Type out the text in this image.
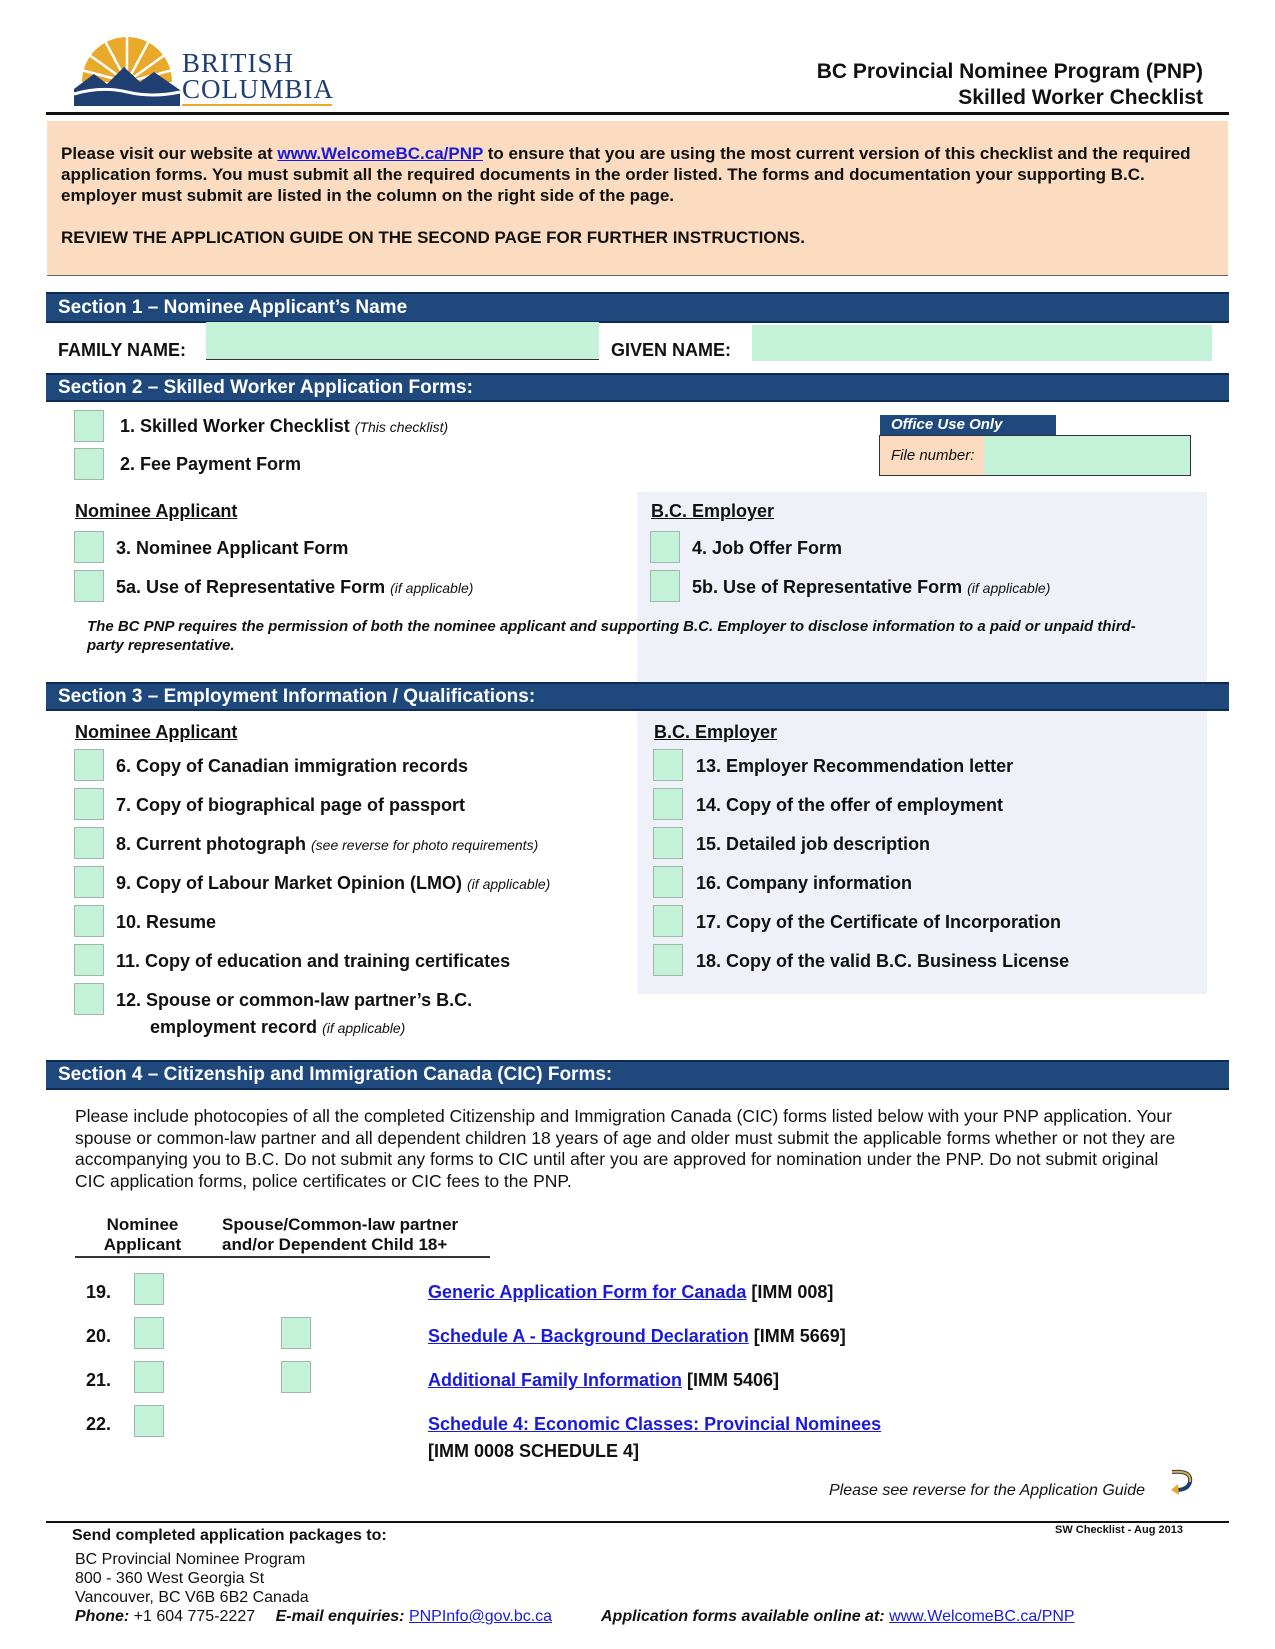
BRITISH
COLUMBIA
BC Provincial Nominee Program (PNP)
Skilled Worker Checklist
Please visit our website at www.WelcomeBC.ca/PNP to ensure that you are using the most current version of this checklist and the required application forms. You must submit all the required documents in the order listed. The forms and documentation your supporting B.C. employer must submit are listed in the column on the right side of the page.
REVIEW THE APPLICATION GUIDE ON THE SECOND PAGE FOR FURTHER INSTRUCTIONS.
Section 1 – Nominee Applicant’s Name
FAMILY NAME:	GIVEN NAME:
Section 2 – Skilled Worker Application Forms:
1. Skilled Worker Checklist (This checklist)
2. Fee Payment Form
Office Use Only
File number:
Nominee Applicant	B.C. Employer
3. Nominee Applicant Form
5a. Use of Representative Form (if applicable)
4. Job Offer Form
5b. Use of Representative Form (if applicable)
The BC PNP requires the permission of both the nominee applicant and supporting B.C. Employer to disclose information to a paid or unpaid third-party representative.
Section 3 – Employment Information / Qualifications:
Nominee Applicant	B.C. Employer
6. Copy of Canadian immigration records
7. Copy of biographical page of passport
8. Current photograph (see reverse for photo requirements)
9. Copy of Labour Market Opinion (LMO) (if applicable)
10. Resume
11. Copy of education and training certificates
12. Spouse or common-law partner’s B.C.
employment record (if applicable)
13. Employer Recommendation letter
14. Copy of the offer of employment
15. Detailed job description
16. Company information
17. Copy of the Certificate of Incorporation
18. Copy of the valid B.C. Business License
Section 4 – Citizenship and Immigration Canada (CIC) Forms:
Please include photocopies of all the completed Citizenship and Immigration Canada (CIC) forms listed below with your PNP application. Your spouse or common-law partner and all dependent children 18 years of age and older must submit the applicable forms whether or not they are accompanying you to B.C. Do not submit any forms to CIC until after you are approved for nomination under the PNP. Do not submit original CIC application forms, police certificates or CIC fees to the PNP.
Nominee
Applicant
Spouse/Common-law partner
and/or Dependent Child 18+
19.	Generic Application Form for Canada [IMM 008]
20.	Schedule A - Background Declaration [IMM 5669]
21.	Additional Family Information [IMM 5406]
22.	Schedule 4: Economic Classes: Provincial Nominees
[IMM 0008 SCHEDULE 4]
Please see reverse for the Application Guide
Send completed application packages to:	SW Checklist - Aug 2013
BC Provincial Nominee Program
800 - 360 West Georgia St
Vancouver, BC V6B 6B2 Canada
Phone: +1 604 775-2227 E-mail enquiries: PNPInfo@gov.bc.ca	Application forms available online at: www.WelcomeBC.ca/PNP
